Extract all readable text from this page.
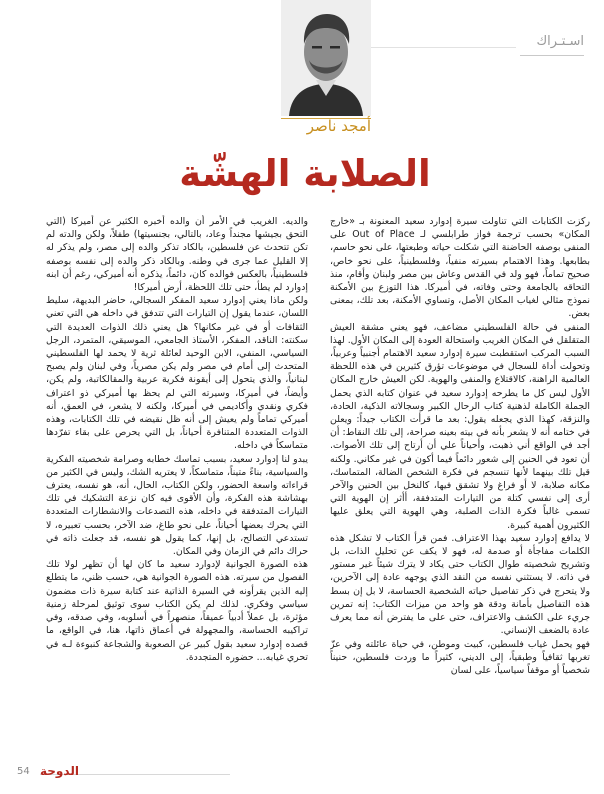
اسـتـراك
أمجد ناصر
الصلابة الهشّة

ركزت الكتابات التي تناولت سيرة إدوارد سعيد المعنونة بـ «خارج المكان» بحسب ترجمة فواز طرابلسي لـ Out of Place على المنفى بوصفه الحاضنة التي شكلت حياته وطبعتها، على نحو حاسم، بطابعها. وهذا الاهتمام بسيرته منفياً، وفلسطينياً، على نحو خاص، صحيح تماماً، فهو ولد في القدس وعاش بين مصر ولبنان وأقام، منذ التحاقه بالجامعة وحتى وفاته، في أميركا. هذا التوزع بين الأمكنة نموذج مثالي لغياب المكان الأصل، وتساوي الأمكنة، بعد تلك، بمعنى بعض.

المنفى في حالة الفلسطيني مضاعف، فهو يعني مشقة العيش المتقلقل في المكان الغريب واستحالة العودة إلى المكان الأول. لهذا السبب المركب استقطبت سيرة إدوارد سعيد الاهتمام أجنبياً وعربياً، وتحولت أداة للسجال في موضوعات تؤرق كثيرين في هذه اللحظة العالمية الراهنة، كالاقتلاع والمنفى والهوية. لكن العيش خارج المكان الأول ليس كل ما يطرحه إدوارد سعيد في عنوان كتابه الذي يحمل الجملة الكاملة لذهنية كتاب الرحال الكبير وسجالاته الذكية، الحادة، والنزقة، كهذا الذي يجعله يقول: بعد ما قرأت الكتاب جيداً: ويعلن في ختامه أنه لا يشعر بأنه في بيته بعينه صراحة، إلى تلك النقاط: أن أجد في الواقع أني ذهبت، وأحياناً علي أن أرتاح إلى تلك الأصوات. أن تعود في الحنين إلى شعور دائماً فيما أكون في غير مكاني. ولكنه قيل تلك بينهما لأنها تنسجم في فكرة الشخص الضالة، المتماسك، مكانه صلابة، لا أو فراغ ولا تشقق فيها، كالنخل بين الحنين والآخر أرى إلى نفسي كتلة من التيارات المتدفقة، أأثر إن الهوية التي تسمى غالباً فكرة الذات الصلبة، وهي الهوية التي يعلق عليها الكثيرون أهمية كبيرة.

لا يدافع إدوارد سعيد بهذا الاعتراف. فمن قرأ الكتاب لا تشكل هذه الكلمات مفاجأة أو صدمة له، فهو لا يكف عن تحليل الذات، بل وتشريح شخصيته طوال الكتاب حتى يكاد لا يترك شيئاً غير مستور في ذاته. لا يستثني نفسه من النقد الذي يوجهه عادة إلى الآخرين، ولا يتحرج في ذكر تفاصيل حياته الشخصية الحساسة، لا بل إن بسط هذه التفاصيل بأمانة ودقة هو واحد من ميزات الكتاب: إنه تمرين جريء على الكشف والاعتراف، حتى على ما يفترض أنه مما يعرف عادة بالضعف الإنساني.

فهو يحمل غياب فلسطين، كبيت وموطن، في حياة عائلته وفي عزّ تغربها ثقافياً وطبقياً، إلى الديني، كثيراً ما وردت فلسطين، حنيناً شخصياً أو موقفاً سياسياً، على لسان

والديه. الغريب في الأمر أن والده أخبره الكثير عن أميركا (التي التحق بجيشها مجنداً وعاد، بالتالي، بجنسيتها) طفلاً، ولكن والدته لم تكن تتحدث عن فلسطين، بالكاد تذكر والده إلى مصر، ولم يذكر له إلا القليل عما جرى في وطنه. وبالكاد ذكر والده إلى نفسه بوصفه فلسطينياً، بالعكس فوالده كان، دائماً، يذكره أنه أميركي، رغم أن ابنه إدوارد لم يطأ، حتى تلك اللحظة، أرض أميركا!

ولكن ماذا يعني إدوارد سعيد المفكر السجالي، حاضر البديهة، سليط اللسان، عندما يقول إن التيارات التي تتدفق في داخله هي التي تعني الثقافات أو في غير مكانها؟ هل يعني ذلك الذوات العديدة التي سكنته: الناقد، المفكر، الأستاذ الجامعي، الموسيقي، المتمرد، الرجل السياسي، المنفي، الابن الوحيد لعائلة ثرية لا يحمد لها الفلسطيني المتحدث إلى أمام في مصر ولم يكن مصرياً، وفي لبنان ولم يصبح لبنانياً، والذي يتحول إلى أيقونة فكرية عربية والمقالكاتبة، ولم يكن، وأيضاً، في أميركا، وسيرته التي لم يحظ بها أميركي ذو اعتراف فكري ونقدي وأكاديمي في أميركا، ولكنه لا يشعر، في العمق، أنه أميركي تماماً ولم يعيش إلى أنه ظل نقيضه في تلك الكتابات، وهذه الذوات المتعددة المتنافرة أحياناً، بل التي يحرص على بقاء تفرّدها متماسكاً في داخله.

يبدو لنا إدوارد سعيد، بسبب تماسك خطابه وصرامة شخصيته الفكرية والسياسية، بناءً متيناً، متماسكاً، لا يعتريه الشك، وليس في الكثير من قراءاته واسعة الحضور، ولكن الكتاب، الحال، أنه، هو نفسه، يعترف بهشاشة هذه الفكرة، وأن الأقوى فيه كان نزعة التشكيك في تلك التيارات المتدفقة في داخله، هذه التصدعات والانشطارات المتعددة التي يحرك بعضها أحياناً، على نحو طاغ، ضد الآخر، بحسب تعبيره، لا تستدعي التصالح، بل إنها، كما يقول هو نفسه، قد جعلت ذاته في حراك دائم في الزمان وفي المكان.

هذه الصورة الجوانية لإدوارد سعيد ما كان لها أن تظهر لولا تلك الفصول من سيرته. هذه الصورة الجوانية هي، حسب ظني، ما يتطلع إليه الذين يقرأونه في السيرة الذاتية عند كتابة سيرة ذات مضمون سياسي وفكري. لذلك لم يكن الكتاب سوى توثيق لمرحلة زمنية مؤثرة، بل عملاً أدبياً عميقاً، منصهراً في أسلوبه، وفي صدقه، وفي تراكيبه الحساسة، والمجهولة في أعماق ذاتها، هنا، في الواقع، ما قصده إدوارد سعيد بقول كبير عن الصعوبة والشجاعة كنبوءة لـه في تحري غيابه... حضوره المتجددة.

54 الدوحة
